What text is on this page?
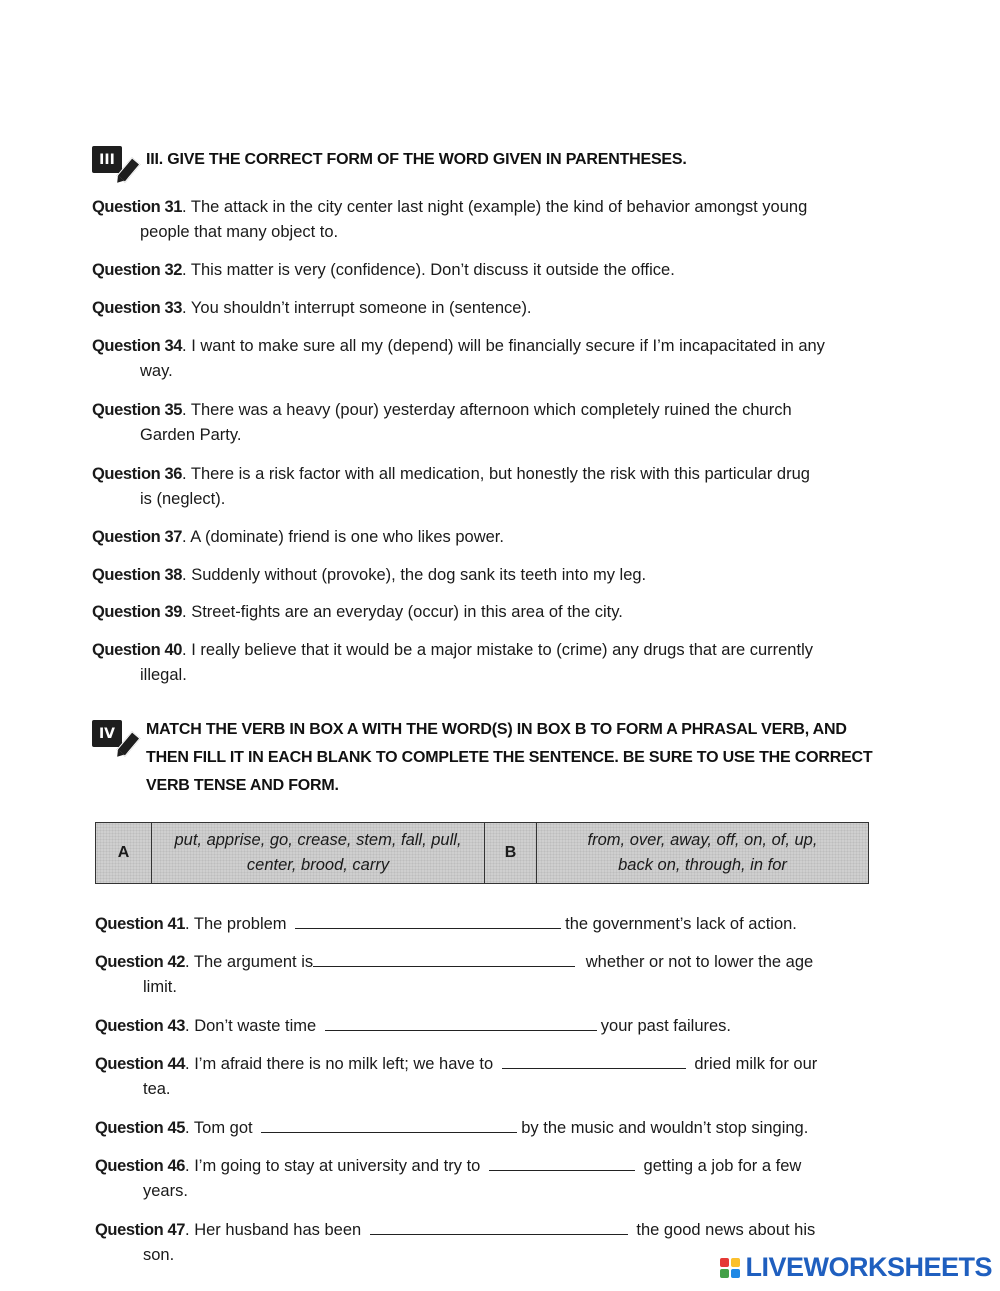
III III. GIVE THE CORRECT FORM OF THE WORD GIVEN IN PARENTHESES.
Question 31. The attack in the city center last night (example) the kind of behavior amongst young
people that many object to.
Question 32. This matter is very (confidence). Don’t discuss it outside the office.
Question 33. You shouldn’t interrupt someone in (sentence).
Question 34. I want to make sure all my (depend) will be financially secure if I’m incapacitated in any
way.
Question 35. There was a heavy (pour) yesterday afternoon which completely ruined the church
Garden Party.
Question 36. There is a risk factor with all medication, but honestly the risk with this particular drug
is (neglect).
Question 37. A (dominate) friend is one who likes power.
Question 38. Suddenly without (provoke), the dog sank its teeth into my leg.
Question 39. Street-fights are an everyday (occur) in this area of the city.
Question 40. I really believe that it would be a major mistake to (crime) any drugs that are currently
illegal.
IV MATCH THE VERB IN BOX A WITH THE WORD(S) IN BOX B TO FORM A PHRASAL VERB, AND
THEN FILL IT IN EACH BLANK TO COMPLETE THE SENTENCE. BE SURE TO USE THE CORRECT
VERB TENSE AND FORM.
A
put, apprise, go, crease, stem, fall, pull,
center, brood, carry
B
from, over, away, off, on, of, up,
back on, through, in for
Question 41. The problem	the government’s lack of action.
Question 42. The argument is	whether or not to lower the age
limit.
Question 43. Don’t waste time	your past failures.
Question 44. I’m afraid there is no milk left; we have to	dried milk for our
tea.
Question 45. Tom got	by the music and wouldn’t stop singing.
Question 46. I’m going to stay at university and try to	getting a job for a few
years.
Question 47. Her husband has been	the good news about his
son.	LIVEWORKSHEETS
